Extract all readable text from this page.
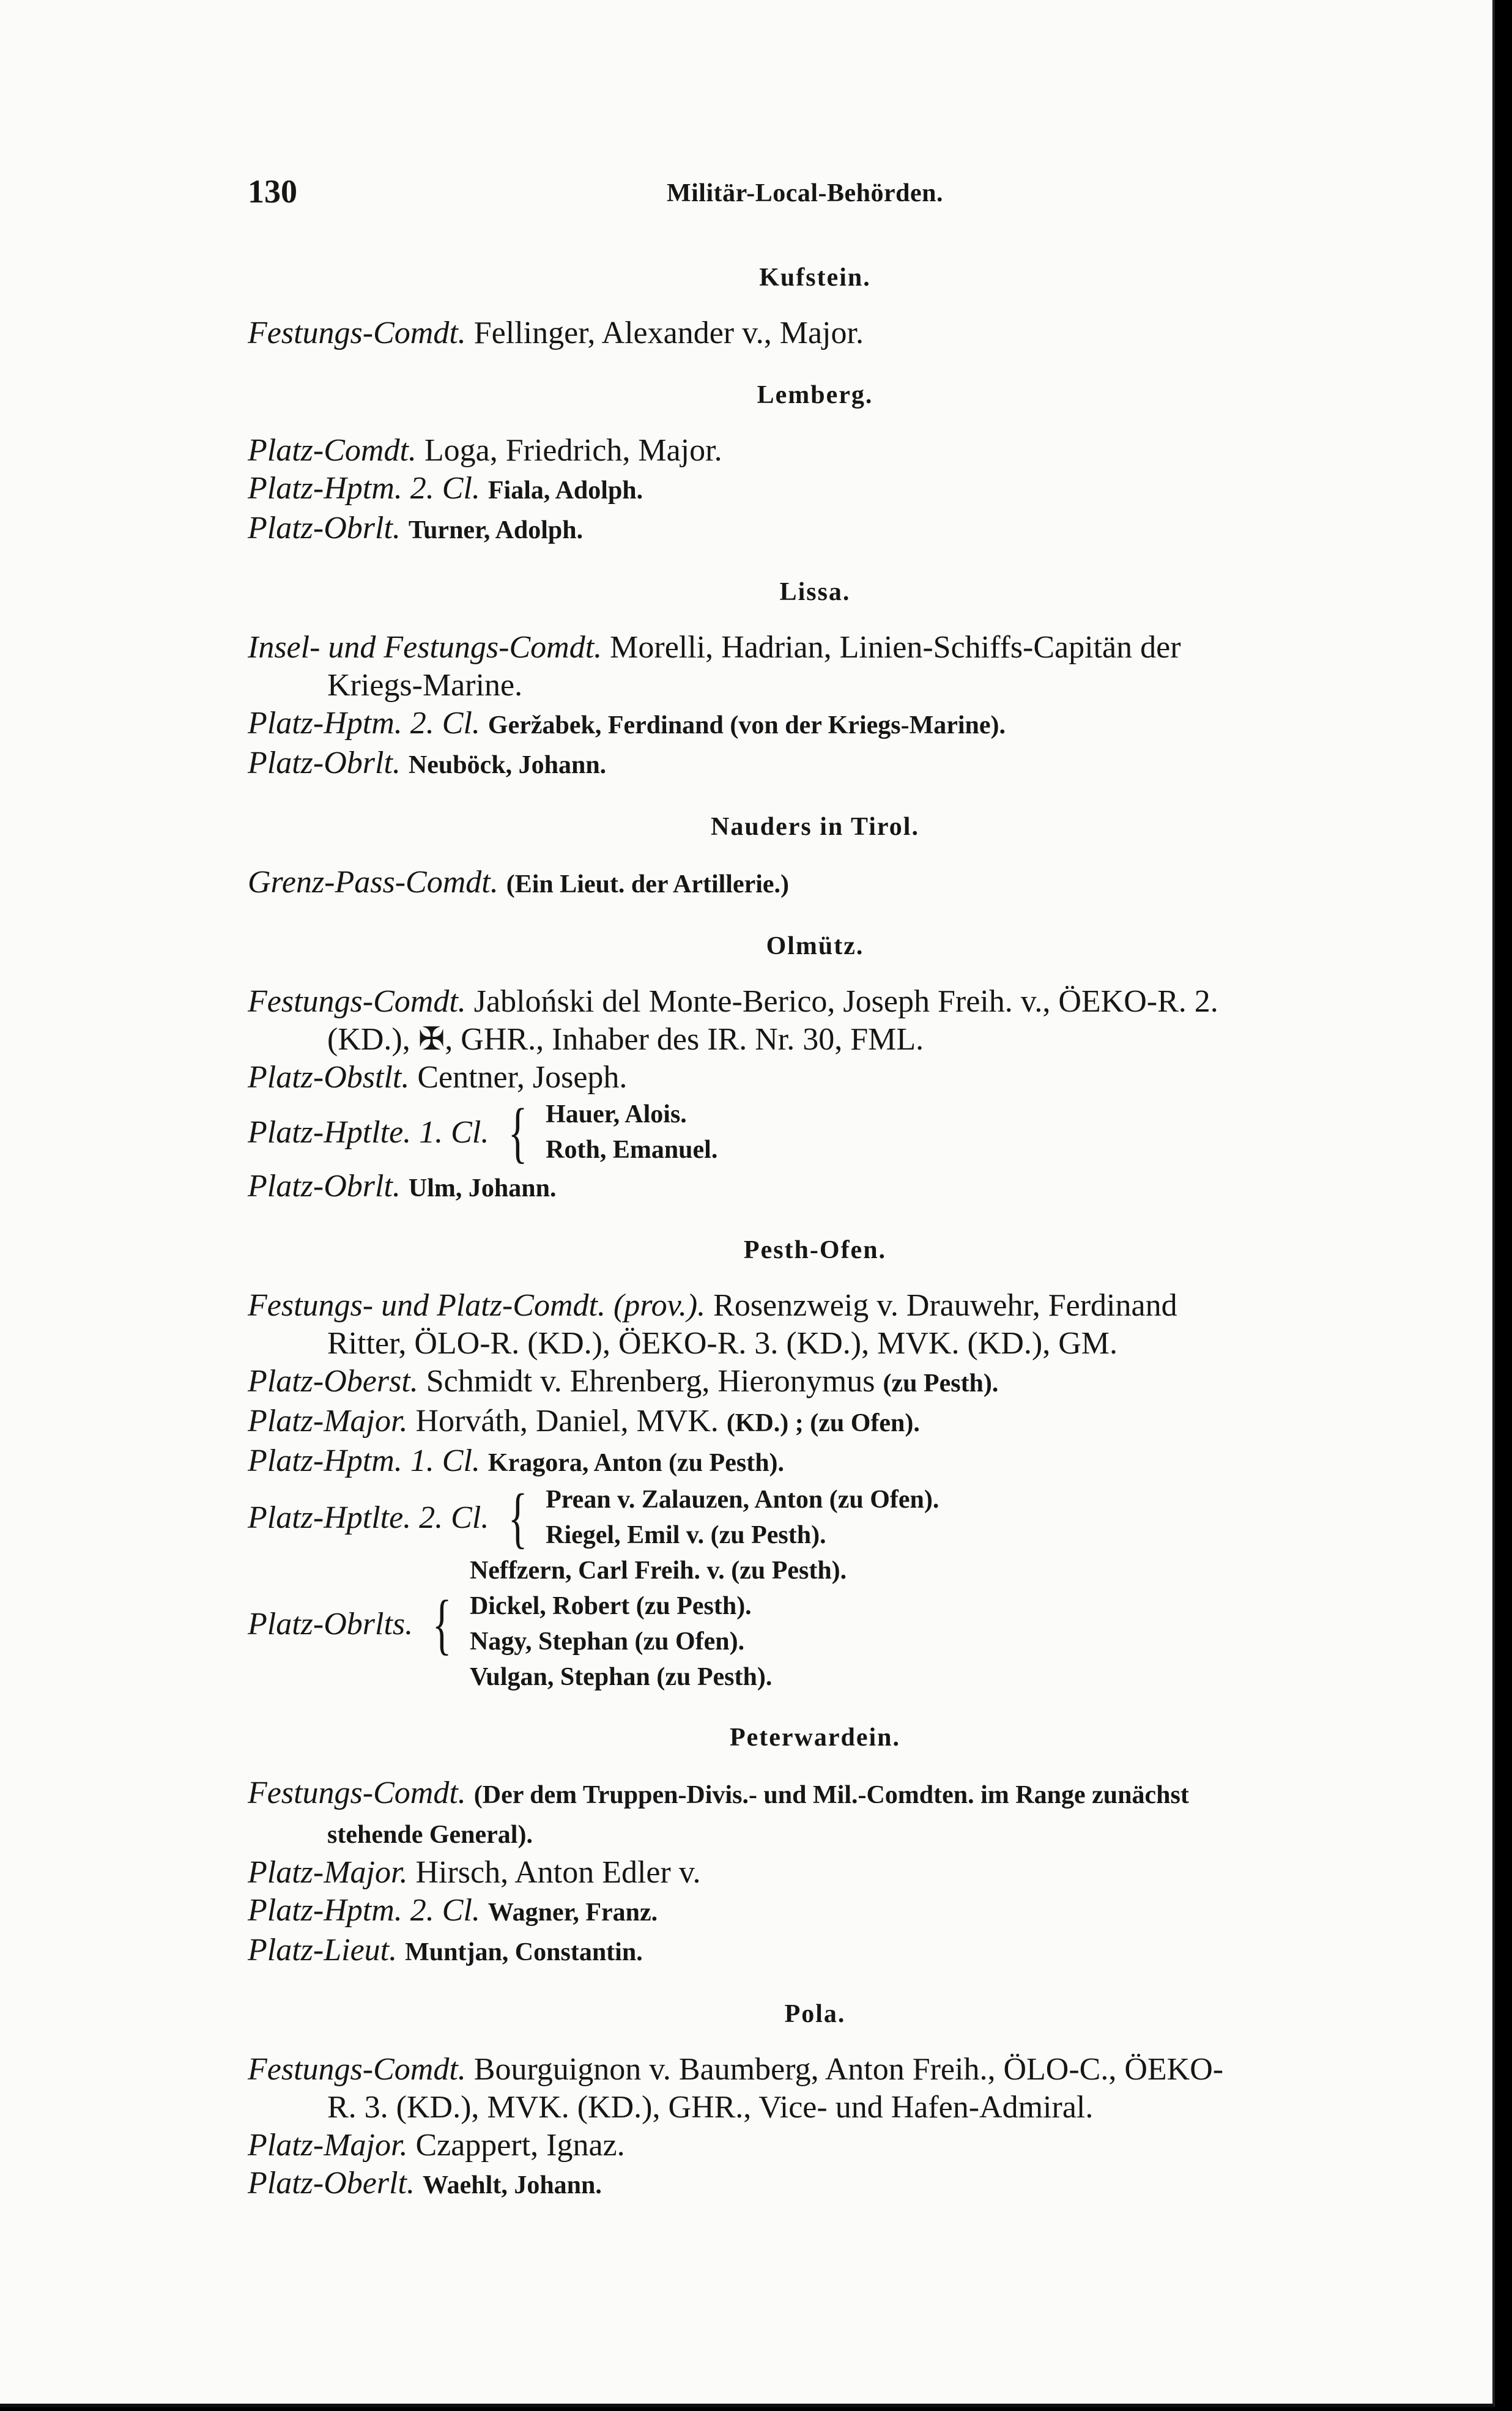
130	Militär-Local-Behörden.
Kufstein.
Festungs-Comdt. Fellinger, Alexander v., Major.
Lemberg.
Platz-Comdt. Loga, Friedrich, Major.
Platz-Hptm. 2. Cl. Fiala, Adolph.
Platz-Obrlt. Turner, Adolph.
Lissa.
Insel- und Festungs-Comdt. Morelli, Hadrian, Linien-Schiffs-Capitän der
Kriegs-Marine.
Platz-Hptm. 2. Cl. Geržabek, Ferdinand (von der Kriegs-Marine).
Platz-Obrlt. Neuböck, Johann.
Nauders in Tirol.
Grenz-Pass-Comdt. (Ein Lieut. der Artillerie.)
Olmütz.
Festungs-Comdt. Jabloński del Monte-Berico, Joseph Freih. v., ÖEKO-R. 2.
(KD.), ✠, GHR., Inhaber des IR. Nr. 30, FML.
Platz-Obstlt. Centner, Joseph.
Platz-Hptlte. 1. Cl. { Hauer, Alois.
Roth, Emanuel.
Platz-Obrlt. Ulm, Johann.
Pesth-Ofen.
Festungs- und Platz-Comdt. (prov.). Rosenzweig v. Drauwehr, Ferdinand
Ritter, ÖLO-R. (KD.), ÖEKO-R. 3. (KD.), MVK. (KD.), GM.
Platz-Oberst. Schmidt v. Ehrenberg, Hieronymus (zu Pesth).
Platz-Major. Horváth, Daniel, MVK. (KD.) ; (zu Ofen).
Platz-Hptm. 1. Cl. Kragora, Anton (zu Pesth).
Platz-Hptlte. 2. Cl. { Prean v. Zalauzen, Anton (zu Ofen).
Riegel, Emil v. (zu Pesth).
Platz-Obrlts. {
Neffzern, Carl Freih. v. (zu Pesth).
Dickel, Robert (zu Pesth).
Nagy, Stephan (zu Ofen).
Vulgan, Stephan (zu Pesth).
Peterwardein.
Festungs-Comdt. (Der dem Truppen-Divis.- und Mil.-Comdten. im Range zunächst
stehende General).
Platz-Major. Hirsch, Anton Edler v.
Platz-Hptm. 2. Cl. Wagner, Franz.
Platz-Lieut. Muntjan, Constantin.
Pola.
Festungs-Comdt. Bourguignon v. Baumberg, Anton Freih., ÖLO-C., ÖEKO-
R. 3. (KD.), MVK. (KD.), GHR., Vice- und Hafen-Admiral.
Platz-Major. Czappert, Ignaz.
Platz-Oberlt. Waehlt, Johann.
